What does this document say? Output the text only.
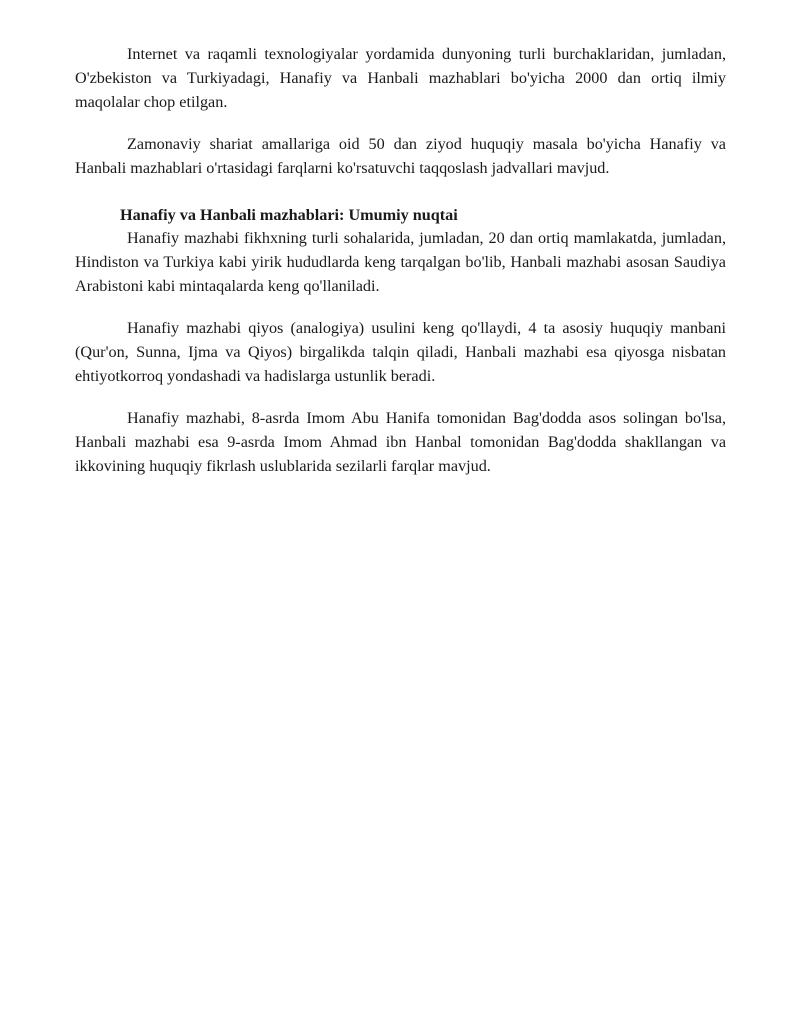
Internet va raqamli texnologiyalar yordamida dunyoning turli burchaklaridan, jumladan, O'zbekiston va Turkiyadagi, Hanafiy va Hanbali mazhablari bo'yicha 2000 dan ortiq ilmiy maqolalar chop etilgan.

Zamonaviy shariat amallariga oid 50 dan ziyod huquqiy masala bo'yicha Hanafiy va Hanbali mazhablari o'rtasidagi farqlarni ko'rsatuvchi taqqoslash jadvallari mavjud.

Hanafiy va Hanbali mazhablari: Umumiy nuqtai

Hanafiy mazhabi fikhxning turli sohalarida, jumladan, 20 dan ortiq mamlakatda, jumladan, Hindiston va Turkiya kabi yirik hududlarda keng tarqalgan bo'lib, Hanbali mazhabi asosan Saudiya Arabistoni kabi mintaqalarda keng qo'llaniladi.

Hanafiy mazhabi qiyos (analogiya) usulini keng qo'llaydi, 4 ta asosiy huquqiy manbani (Qur'on, Sunna, Ijma va Qiyos) birgalikda talqin qiladi, Hanbali mazhabi esa qiyosga nisbatan ehtiyotkorroq yondashadi va hadislarga ustunlik beradi.

Hanafiy mazhabi, 8-asrda Imom Abu Hanifa tomonidan Bag'dodda asos solingan bo'lsa, Hanbali mazhabi esa 9-asrda Imom Ahmad ibn Hanbal tomonidan Bag'dodda shakllangan va ikkovining huquqiy fikrlash uslublarida sezilarli farqlar mavjud.
